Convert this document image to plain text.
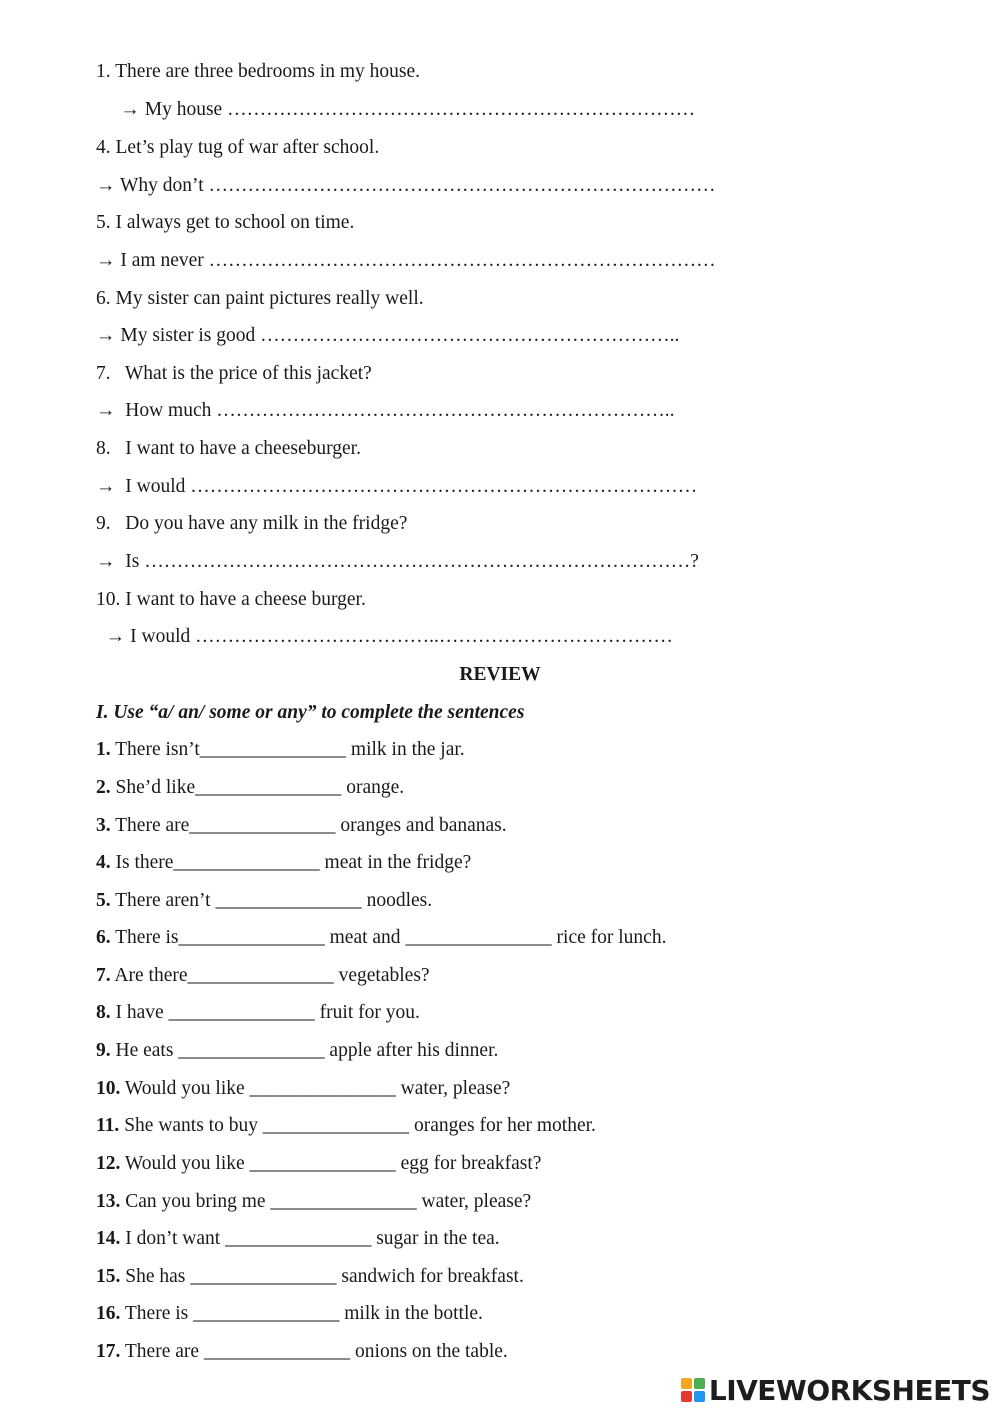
1. There are three bedrooms in my house.
→ My house ………………………………………………………………
4. Let’s play tug of war after school.
→ Why don’t ……………………………………………………………………
5. I always get to school on time.
→ I am never ……………………………………………………………………
6. My sister can paint pictures really well.
→ My sister is good ………………………………………………………..
7.   What is the price of this jacket?
→  How much ……………………………………………………………..
8.   I want to have a cheeseburger.
→  I would ……………………………………………………………………
9.   Do you have any milk in the fridge?
→  Is …………………………………………………………………………?
10. I want to have a cheese burger.
→ I would ………………………………..………………………………
REVIEW
I. Use “a/ an/ some or any” to complete the sentences
1. There isn’t_______________ milk in the jar.
2. She’d like_______________ orange.
3. There are_______________ oranges and bananas.
4. Is there_______________ meat in the fridge?
5. There aren’t _______________ noodles.
6. There is_______________ meat and _______________ rice for lunch.
7. Are there_______________ vegetables?
8. I have _______________ fruit for you.
9. He eats _______________ apple after his dinner.
10. Would you like _______________ water, please?
11. She wants to buy _______________ oranges for her mother.
12. Would you like _______________ egg for breakfast?
13. Can you bring me _______________ water, please?
14. I don’t want _______________ sugar in the tea.
15. She has _______________ sandwich for breakfast.
16. There is _______________ milk in the bottle.
17. There are _______________ onions on the table.
LIVEWORKSHEETS
